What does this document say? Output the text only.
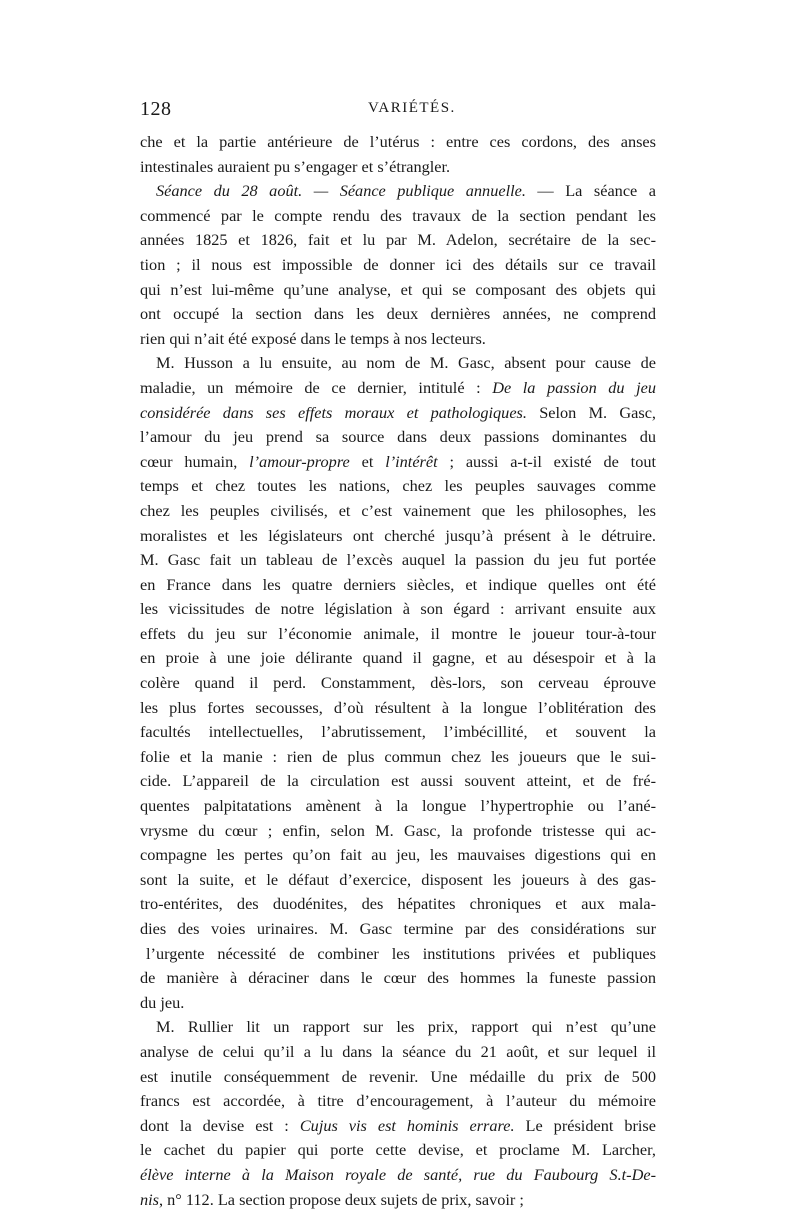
128	VARIÉTÉS.
che et la partie antérieure de l’utérus : entre ces cordons, des anses
intestinales auraient pu s’engager et s’étrangler.
Séance du 28 août. — Séance publique annuelle. — La séance a
commencé par le compte rendu des travaux de la section pendant les
années 1825 et 1826, fait et lu par M. Adelon, secrétaire de la sec-
tion ; il nous est impossible de donner ici des détails sur ce travail
qui n’est lui-même qu’une analyse, et qui se composant des objets qui
ont occupé la section dans les deux dernières années, ne comprend
rien qui n’ait été exposé dans le temps à nos lecteurs.
M. Husson a lu ensuite, au nom de M. Gasc, absent pour cause de
maladie, un mémoire de ce dernier, intitulé : De la passion du jeu
considérée dans ses effets moraux et pathologiques. Selon M. Gasc,
l’amour du jeu prend sa source dans deux passions dominantes du
cœur humain, l’amour-propre et l’intérêt ; aussi a-t-il existé de tout
temps et chez toutes les nations, chez les peuples sauvages comme
chez les peuples civilisés, et c’est vainement que les philosophes, les
moralistes et les législateurs ont cherché jusqu’à présent à le détruire.
M. Gasc fait un tableau de l’excès auquel la passion du jeu fut portée
en France dans les quatre derniers siècles, et indique quelles ont été
les vicissitudes de notre législation à son égard : arrivant ensuite aux
effets du jeu sur l’économie animale, il montre le joueur tour-à-tour
en proie à une joie délirante quand il gagne, et au désespoir et à la
colère quand il perd. Constamment, dès-lors, son cerveau éprouve
les plus fortes secousses, d’où résultent à la longue l’oblitération des
facultés intellectuelles, l’abrutissement, l’imbécillité, et souvent la
folie et la manie : rien de plus commun chez les joueurs que le sui-
cide. L’appareil de la circulation est aussi souvent atteint, et de fré-
quentes palpitatations amènent à la longue l’hypertrophie ou l’ané-
vrysme du cœur ; enfin, selon M. Gasc, la profonde tristesse qui ac-
compagne les pertes qu’on fait au jeu, les mauvaises digestions qui en
sont la suite, et le défaut d’exercice, disposent les joueurs à des gas-
tro-entérites, des duodénites, des hépatites chroniques et aux mala-
dies des voies urinaires. M. Gasc termine par des considérations sur
l’urgente nécessité de combiner les institutions privées et publiques
de manière à déraciner dans le cœur des hommes la funeste passion
du jeu.
M. Rullier lit un rapport sur les prix, rapport qui n’est qu’une
analyse de celui qu’il a lu dans la séance du 21 août, et sur lequel il
est inutile conséquemment de revenir. Une médaille du prix de 500
francs est accordée, à titre d’encouragement, à l’auteur du mémoire
dont la devise est : Cujus vis est hominis errare. Le président brise
le cachet du papier qui porte cette devise, et proclame M. Larcher,
élève interne à la Maison royale de santé, rue du Faubourg S.t-De-
nis, n° 112. La section propose deux sujets de prix, savoir ;
